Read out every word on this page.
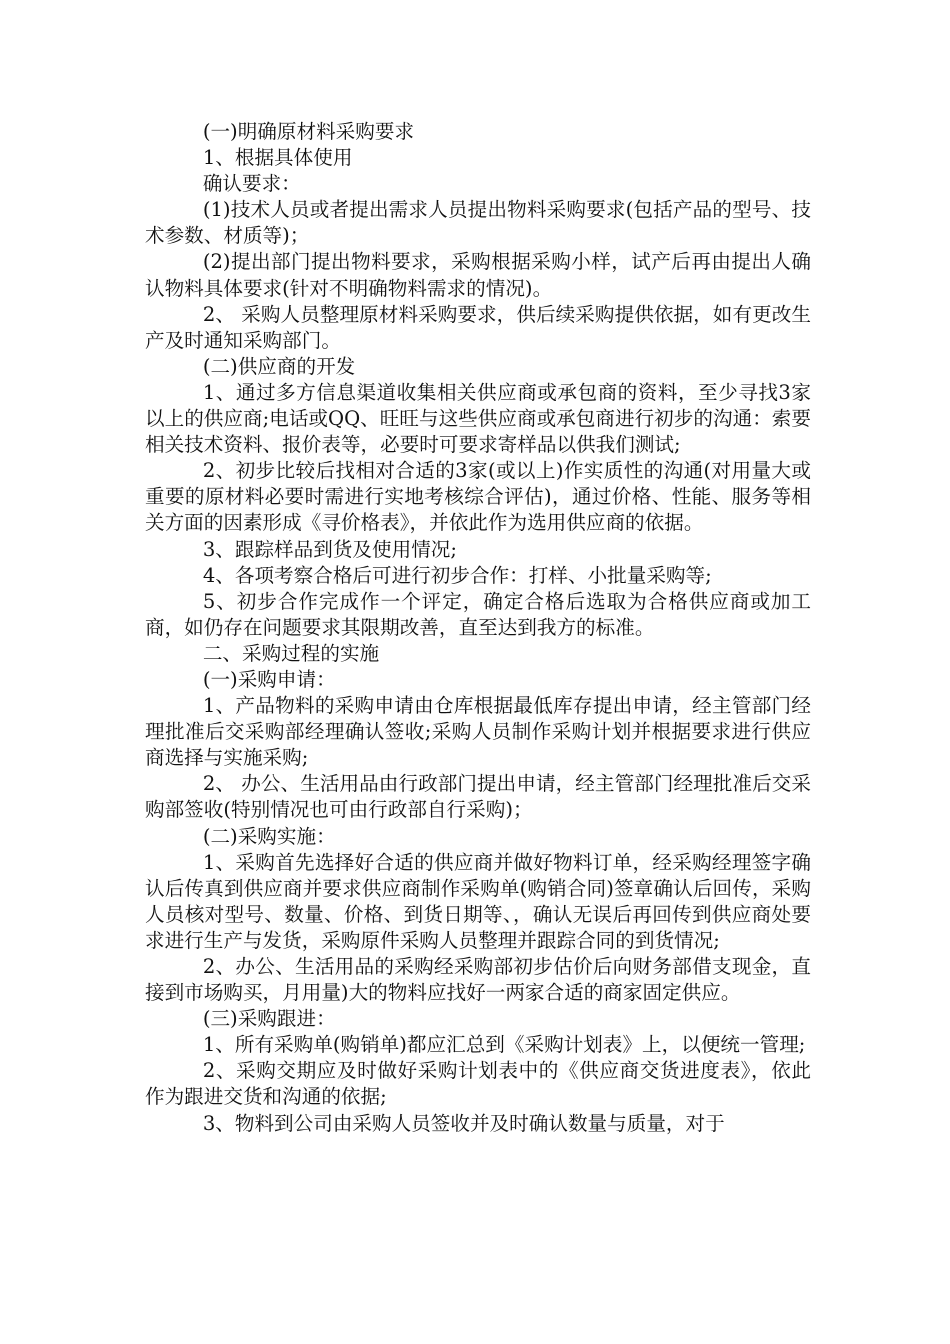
(一)明确原材料采购要求

1、根据具体使用

确认要求：

(1)技术人员或者提出需求人员提出物料采购要求(包括产品的型号、技术参数、材质等)；

(2)提出部门提出物料要求，采购根据采购小样，试产后再由提出人确认物料具体要求(针对不明确物料需求的情况)。

2、 采购人员整理原材料采购要求，供后续采购提供依据，如有更改生产及时通知采购部门。

(二)供应商的开发

1、通过多方信息渠道收集相关供应商或承包商的资料，至少寻找3家以上的供应商;电话或QQ、旺旺与这些供应商或承包商进行初步的沟通：索要相关技术资料、报价表等，必要时可要求寄样品以供我们测试;

2、初步比较后找相对合适的3家(或以上)作实质性的沟通(对用量大或重要的原材料必要时需进行实地考核综合评估)，通过价格、性能、服务等相关方面的因素形成《寻价格表》，并依此作为选用供应商的依据。

3、跟踪样品到货及使用情况;

4、各项考察合格后可进行初步合作：打样、小批量采购等;

5、初步合作完成作一个评定，确定合格后选取为合格供应商或加工商，如仍存在问题要求其限期改善，直至达到我方的标准。

二、采购过程的实施

(一)采购申请：

1、产品物料的采购申请由仓库根据最低库存提出申请，经主管部门经理批准后交采购部经理确认签收;采购人员制作采购计划并根据要求进行供应商选择与实施采购;

2、 办公、生活用品由行政部门提出申请，经主管部门经理批准后交采购部签收(特别情况也可由行政部自行采购)；

(二)采购实施：

1、采购首先选择好合适的供应商并做好物料订单，经采购经理签字确认后传真到供应商并要求供应商制作采购单(购销合同)签章确认后回传，采购人员核对型号、数量、价格、到货日期等、，确认无误后再回传到供应商处要求进行生产与发货，采购原件采购人员整理并跟踪合同的到货情况;

2、办公、生活用品的采购经采购部初步估价后向财务部借支现金，直接到市场购买，月用量)大的物料应找好一两家合适的商家固定供应。

(三)采购跟进：

1、所有采购单(购销单)都应汇总到《采购计划表》上，以便统一管理;

2、采购交期应及时做好采购计划表中的《供应商交货进度表》，依此作为跟进交货和沟通的依据;

3、物料到公司由采购人员签收并及时确认数量与质量，对于
